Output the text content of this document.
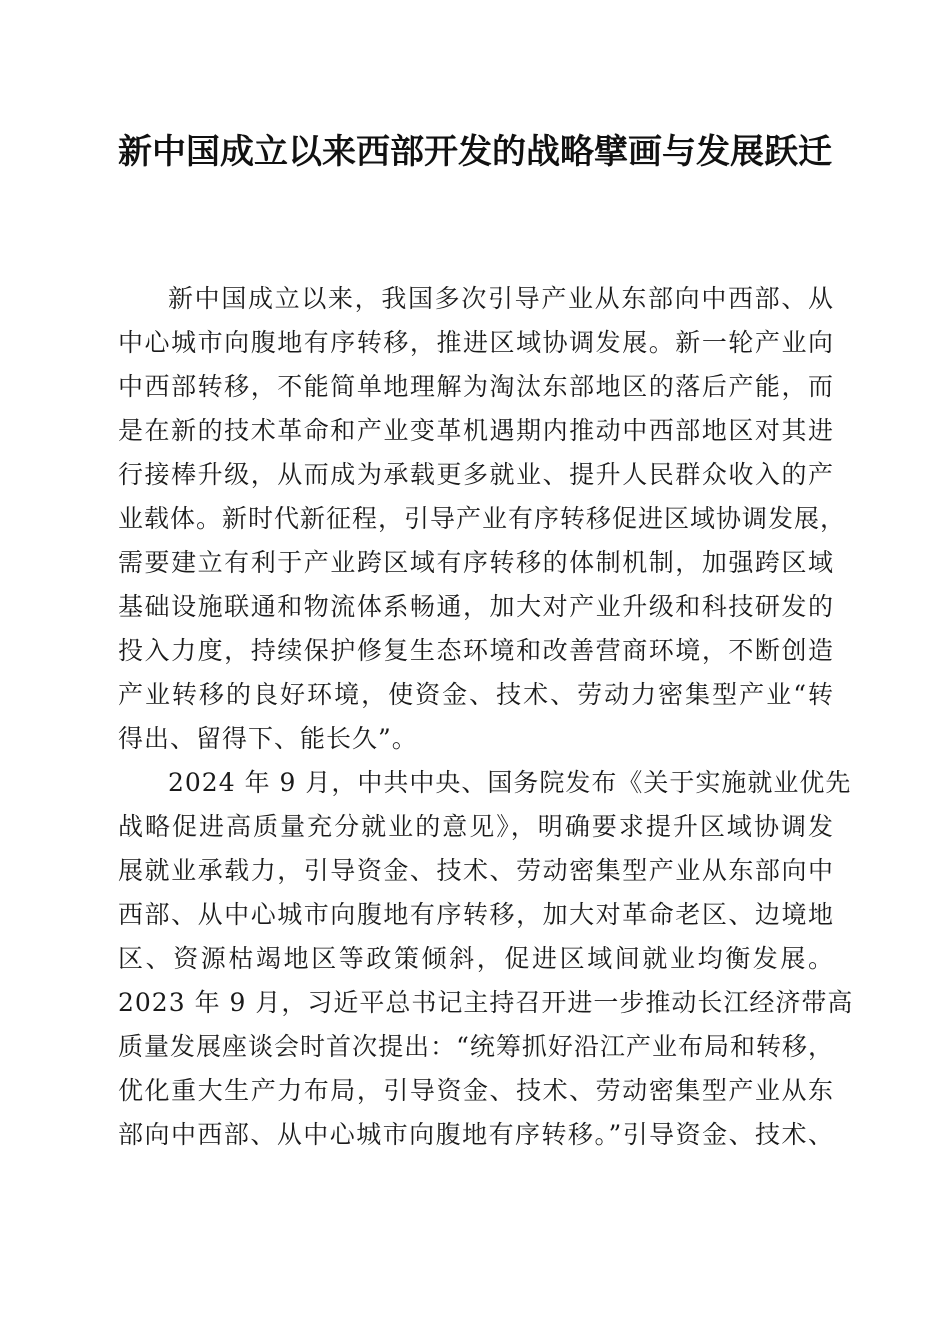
新中国成立以来西部开发的战略擘画与发展跃迁
新中国成立以来，我国多次引导产业从东部向中西部、从
中心城市向腹地有序转移，推进区域协调发展。新一轮产业向
中西部转移，不能简单地理解为淘汰东部地区的落后产能，而
是在新的技术革命和产业变革机遇期内推动中西部地区对其进
行接棒升级，从而成为承载更多就业、提升人民群众收入的产
业载体。新时代新征程，引导产业有序转移促进区域协调发展，
需要建立有利于产业跨区域有序转移的体制机制，加强跨区域
基础设施联通和物流体系畅通，加大对产业升级和科技研发的
投入力度，持续保护修复生态环境和改善营商环境，不断创造
产业转移的良好环境，使资金、技术、劳动力密集型产业“转
得出、留得下、能长久”。
2024 年 9 月，中共中央、国务院发布《关于实施就业优先
战略促进高质量充分就业的意见》，明确要求提升区域协调发
展就业承载力，引导资金、技术、劳动密集型产业从东部向中
西部、从中心城市向腹地有序转移，加大对革命老区、边境地
区、资源枯竭地区等政策倾斜，促进区域间就业均衡发展。
2023 年 9 月，习近平总书记主持召开进一步推动长江经济带高
质量发展座谈会时首次提出：“统筹抓好沿江产业布局和转移，
优化重大生产力布局，引导资金、技术、劳动密集型产业从东
部向中西部、从中心城市向腹地有序转移。”引导资金、技术、
